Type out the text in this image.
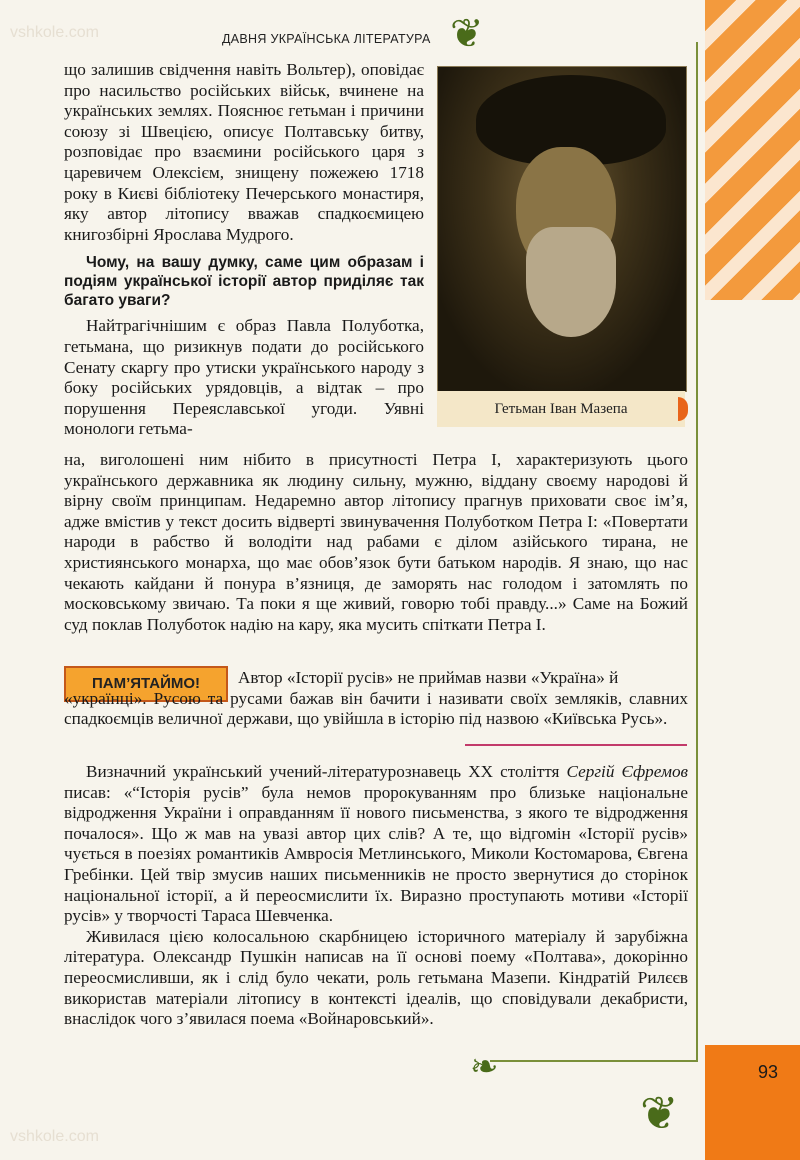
❦
ДАВНЯ УКРАЇНСЬКА ЛІТЕРАТУРА

що залишив свідчення навіть Вольтер), оповідає про насильство російських військ, вчинене на українських землях. Пояснює гетьман і причини союзу зі Швецією, описує Полтавську битву, розповідає про взаємини російського царя з царевичем Олексієм, знищену пожежею 1718 року в Києві бібліотеку Печерського монастиря, яку автор літопису вважав спадкоємицею книгозбірні Ярослава Мудрого.

Чому, на вашу думку, саме цим образам і подіям української історії автор приділяє так багато уваги?

Найтрагічнішим є образ Павла Полуботка, гетьмана, що ризикнув подати до російського Сенату скаргу про утиски українського народу з боку російських урядовців, а відтак – про порушення Переяславської угоди. Уявні монологи гетьма-

Гетьман Іван Мазепа

на, виголошені ним нібито в присутності Петра І, характеризують цього українського державника як людину сильну, мужню, віддану своєму народові й вірну своїм принципам. Недаремно автор літопису прагнув приховати своє ім’я, адже вмістив у текст досить відверті звинувачення Полуботком Петра І: «Повертати народи в рабство й володіти над рабами є ділом азійського тирана, не християнського монарха, що має обов’язок бути батьком народів. Я знаю, що нас чекають кайдани й понура в’язниця, де заморять нас голодом і затомлять по московському звичаю. Та поки я ще живий, говорю тобі правду...» Саме на Божий суд поклав Полуботок надію на кару, яка мусить спіткати Петра І.

ПАМ’ЯТАЙМО!	Автор «Історії русів» не приймав назви «Україна» й

«українці». Русою та русами бажав він бачити і називати своїх земляків, славних спадкоємців величної держави, що увійшла в історію під назвою «Київська Русь».

Визначний український учений-літературознавець XX століття Сергій Єфремов писав: «“Історія русів” була немов пророкуванням про близьке національне відродження України і оправданням її нового письменства, з якого те відродження почалося». Що ж мав на увазі автор цих слів? А те, що відгомін «Історії русів» чується в поезіях романтиків Амвросія Метлинського, Миколи Костомарова, Євгена Гребінки. Цей твір змусив наших письменників не просто звернутися до сторінок національної історії, а й переосмислити їх. Виразно проступають мотиви «Історії русів» у творчості Тараса Шевченка.

Живилася цією колосальною скарбницею історичного матеріалу й зарубіжна література. Олександр Пушкін написав на її основі поему «Полтава», докорінно переосмисливши, як і слід було чекати, роль гетьмана Мазепи. Кіндратій Рилєєв використав матеріали літопису в контексті ідеалів, що сповідували декабристи, внаслідок чого з’явилася поема «Войнаровський».

❧
❦
93
vshkole.com
vshkole.com
